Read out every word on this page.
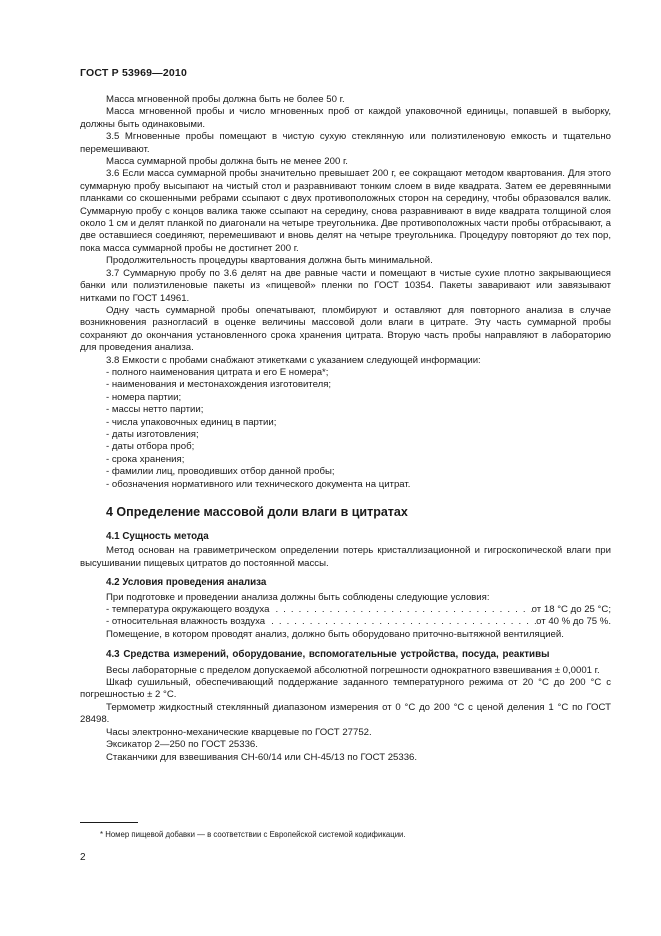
ГОСТ Р 53969—2010

Масса мгновенной пробы должна быть не более 50 г.

Масса мгновенной пробы и число мгновенных проб от каждой упаковочной единицы, попавшей в выборку, должны быть одинаковыми.

3.5 Мгновенные пробы помещают в чистую сухую стеклянную или полиэтиленовую емкость и тщательно перемешивают.

Масса суммарной пробы должна быть не менее 200 г.

3.6 Если масса суммарной пробы значительно превышает 200 г, ее сокращают методом квартования. Для этого суммарную пробу высыпают на чистый стол и разравнивают тонким слоем в виде квадрата. Затем ее деревянными планками со скошенными ребрами ссыпают с двух противоположных сторон на середину, чтобы образовался валик. Суммарную пробу с концов валика также ссыпают на середину, снова разравнивают в виде квадрата толщиной слоя около 1 см и делят планкой по диагонали на четыре треугольника. Две противоположных части пробы отбрасывают, а две оставшиеся соединяют, перемешивают и вновь делят на четыре треугольника. Процедуру повторяют до тех пор, пока масса суммарной пробы не достигнет 200 г.

Продолжительность процедуры квартования должна быть минимальной.

3.7 Суммарную пробу по 3.6 делят на две равные части и помещают в чистые сухие плотно закрывающиеся банки или полиэтиленовые пакеты из «пищевой» пленки по ГОСТ 10354. Пакеты заваривают или завязывают нитками по ГОСТ 14961.

Одну часть суммарной пробы опечатывают, пломбируют и оставляют для повторного анализа в случае возникновения разногласий в оценке величины массовой доли влаги в цитрате. Эту часть суммарной пробы сохраняют до окончания установленного срока хранения цитрата. Вторую часть пробы направляют в лабораторию для проведения анализа.

3.8 Емкости с пробами снабжают этикетками с указанием следующей информации:

- полного наименования цитрата и его Е номера*;

- наименования и местонахождения изготовителя;

- номера партии;

- массы нетто партии;

- числа упаковочных единиц в партии;

- даты изготовления;

- даты отбора проб;

- срока хранения;

- фамилии лиц, проводивших отбор данной пробы;

- обозначения нормативного или технического документа на цитрат.

4 Определение массовой доли влаги в цитратах
4.1 Сущность метода

Метод основан на гравиметрическом определении потерь кристаллизационной и гигроскопической влаги при высушивании пищевых цитратов до постоянной массы.

4.2 Условия проведения анализа

При подготовке и проведении анализа должны быть соблюдены следующие условия:

- температура окружающего воздуха . . .	от 18 °С до 25 °С;
- относительная влажность воздуха . . .	от 40 % до 75 %.

Помещение, в котором проводят анализ, должно быть оборудовано приточно-вытяжной вентиляцией.

4.3 Средства измерений, оборудование, вспомогательные устройства, посуда, реактивы

Весы лабораторные с пределом допускаемой абсолютной погрешности однократного взвешивания ± 0,0001 г.

Шкаф сушильный, обеспечивающий поддержание заданного температурного режима от 20 °С до 200 °С с погрешностью ± 2 °С.

Термометр жидкостный стеклянный диапазоном измерения от 0 °С до 200 °С с ценой деления 1 °С по ГОСТ 28498.

Часы электронно-механические кварцевые по ГОСТ 27752.

Эксикатор 2—250 по ГОСТ 25336.

Стаканчики для взвешивания СН-60/14 или СН-45/13 по ГОСТ 25336.

* Номер пищевой добавки — в соответствии с Европейской системой кодификации.
2
